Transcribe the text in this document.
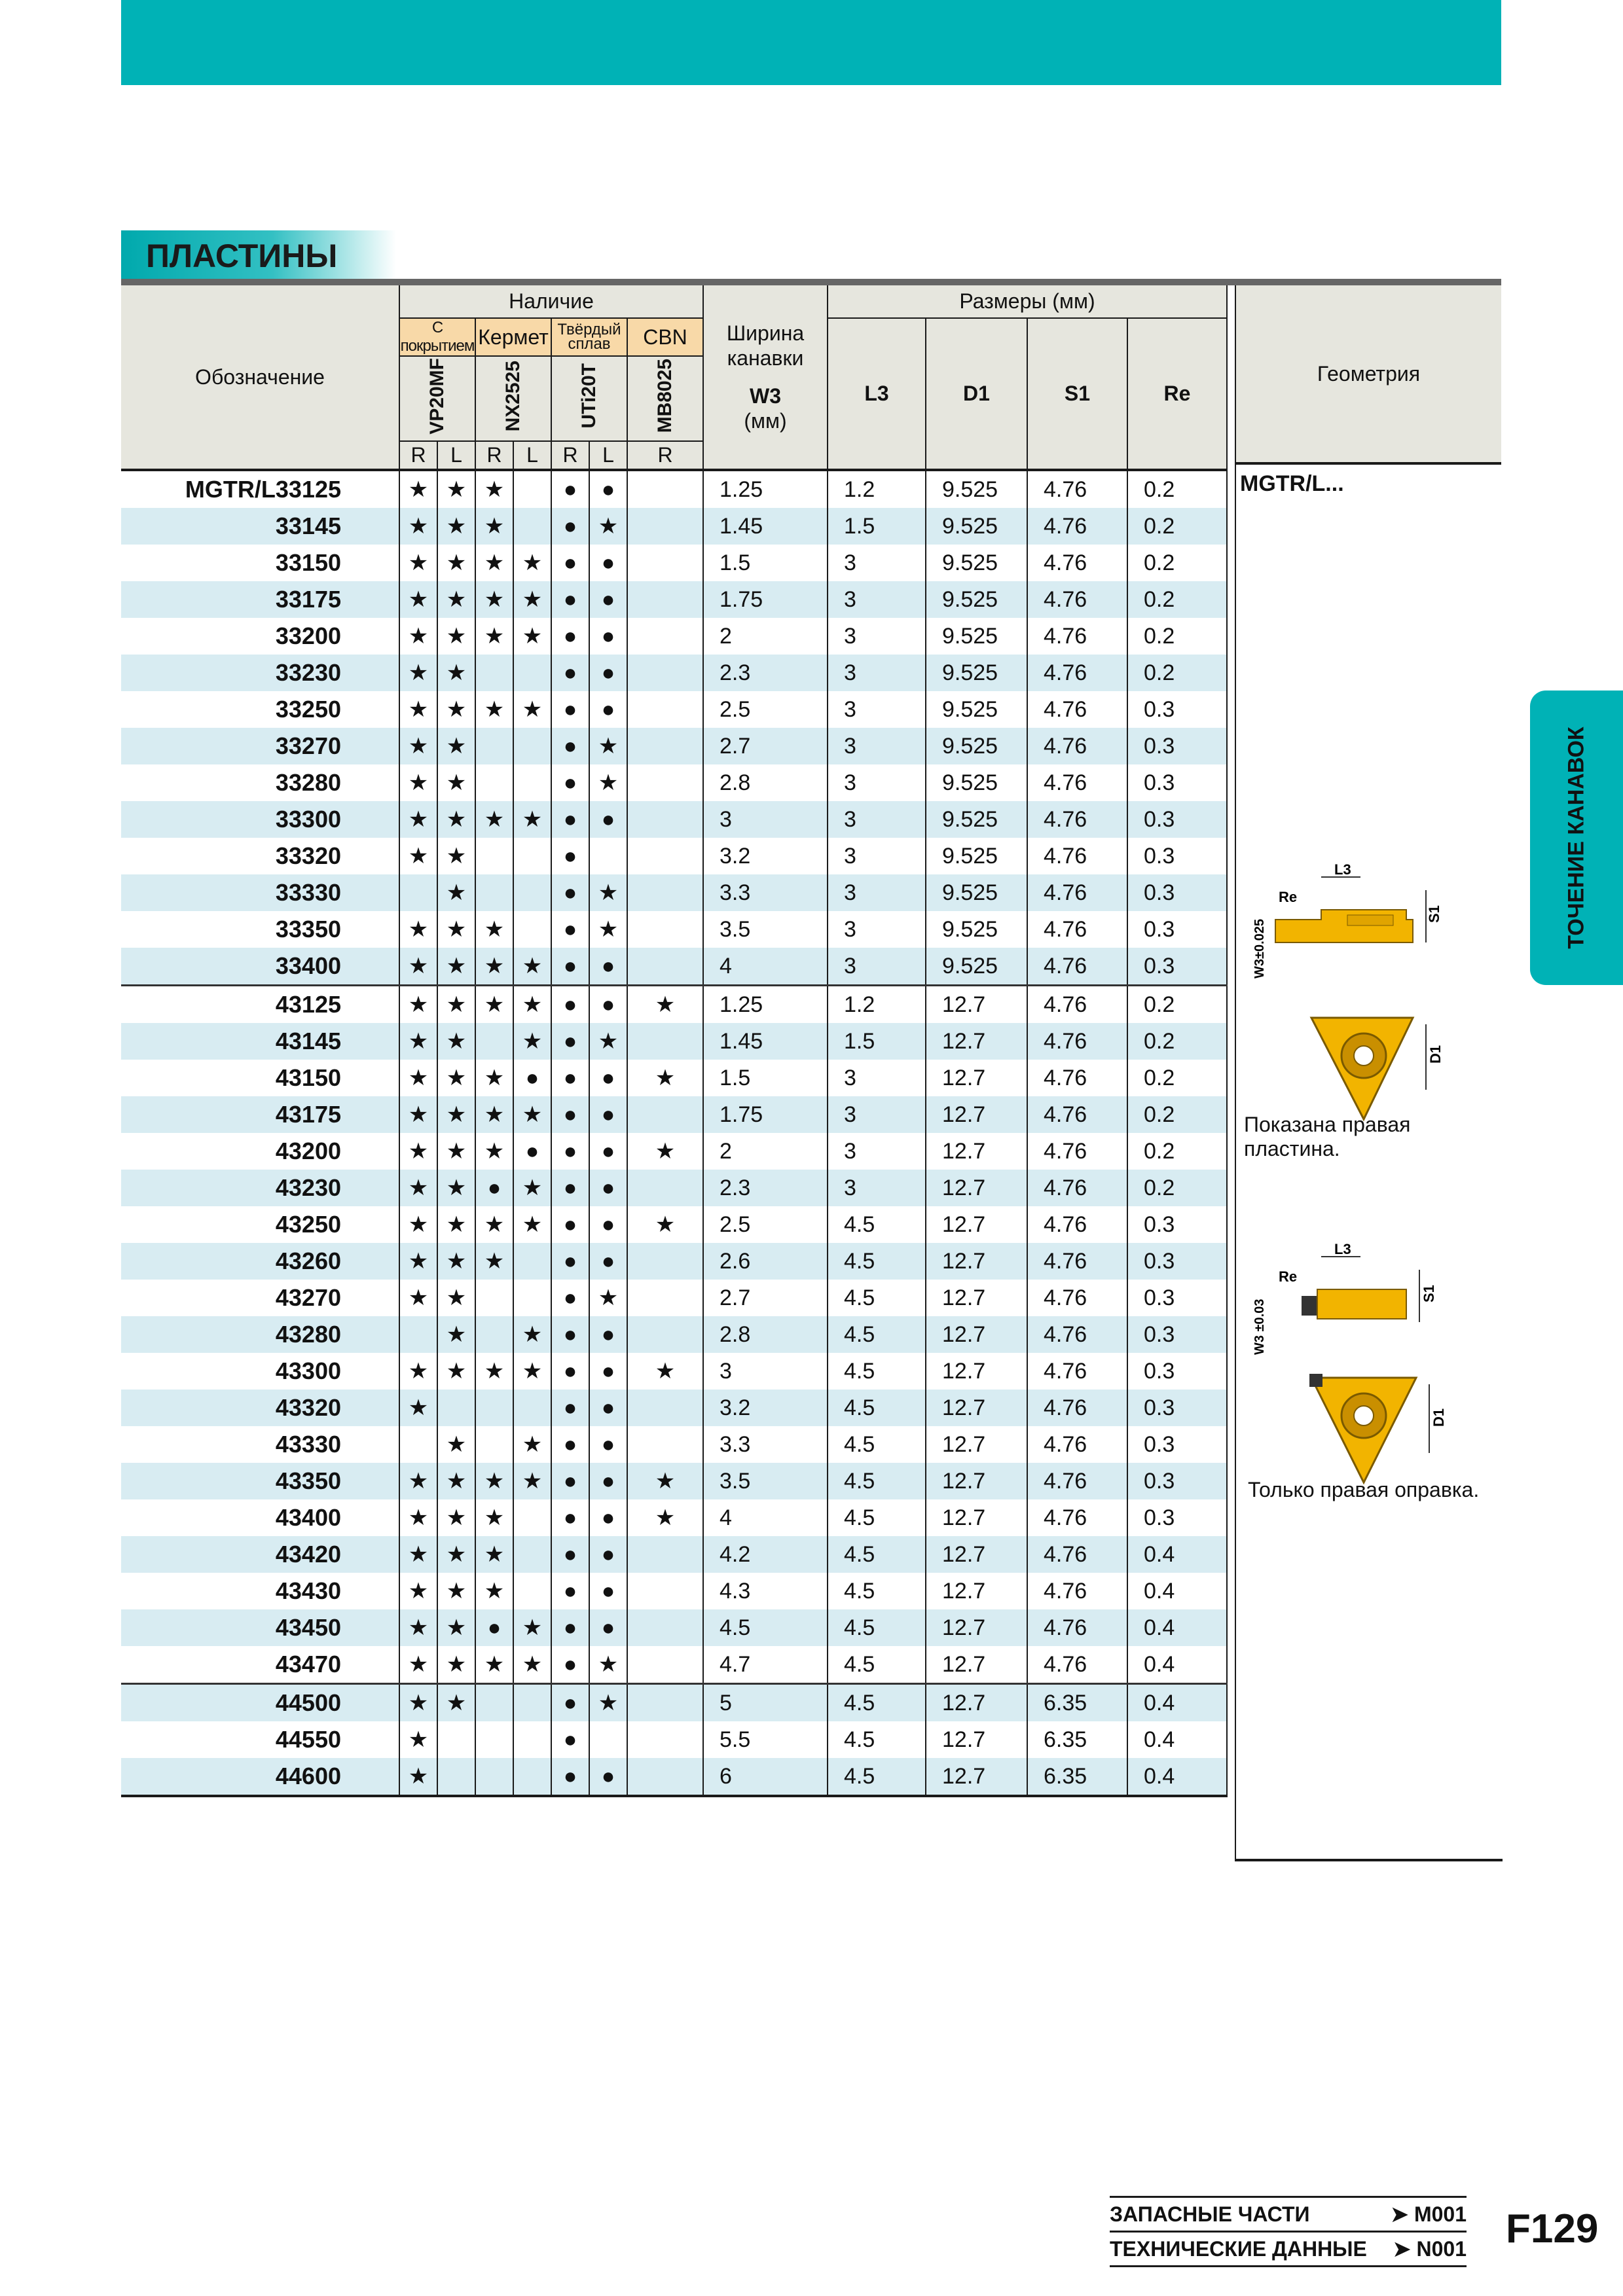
ПЛАСТИНЫ
Обозначение	Наличие							Ширина
канавки
W3
(мм)	Размеры (мм)			
	С покрытием		Кермет		Твёрдый
сплав		CBN		L3	D1	S1	Re
	VP20MF		NX2525		UTi20T		MB8025					
	R	L	R	L	R	L	R					
MGTR/L33125	★	★	★		●	●		1.25	1.2	9.525	4.76	0.2
33145	★	★	★		●	★		1.45	1.5	9.525	4.76	0.2
33150	★	★	★	★	●	●		1.5	3	9.525	4.76	0.2
33175	★	★	★	★	●	●		1.75	3	9.525	4.76	0.2
33200	★	★	★	★	●	●		2	3	9.525	4.76	0.2
33230	★	★			●	●		2.3	3	9.525	4.76	0.2
33250	★	★	★	★	●	●		2.5	3	9.525	4.76	0.3
33270	★	★			●	★		2.7	3	9.525	4.76	0.3
33280	★	★			●	★		2.8	3	9.525	4.76	0.3
33300	★	★	★	★	●	●		3	3	9.525	4.76	0.3
33320	★	★			●			3.2	3	9.525	4.76	0.3
33330		★			●	★		3.3	3	9.525	4.76	0.3
33350	★	★	★		●	★		3.5	3	9.525	4.76	0.3
33400	★	★	★	★	●	●		4	3	9.525	4.76	0.3
43125	★	★	★	★	●	●	★	1.25	1.2	12.7	4.76	0.2
43145	★	★		★	●	★		1.45	1.5	12.7	4.76	0.2
43150	★	★	★	●	●	●	★	1.5	3	12.7	4.76	0.2
43175	★	★	★	★	●	●		1.75	3	12.7	4.76	0.2
43200	★	★	★	●	●	●	★	2	3	12.7	4.76	0.2
43230	★	★	●	★	●	●		2.3	3	12.7	4.76	0.2
43250	★	★	★	★	●	●	★	2.5	4.5	12.7	4.76	0.3
43260	★	★	★		●	●		2.6	4.5	12.7	4.76	0.3
43270	★	★			●	★		2.7	4.5	12.7	4.76	0.3
43280		★		★	●	●		2.8	4.5	12.7	4.76	0.3
43300	★	★	★	★	●	●	★	3	4.5	12.7	4.76	0.3
43320	★				●	●		3.2	4.5	12.7	4.76	0.3
43330		★		★	●	●		3.3	4.5	12.7	4.76	0.3
43350	★	★	★	★	●	●	★	3.5	4.5	12.7	4.76	0.3
43400	★	★	★		●	●	★	4	4.5	12.7	4.76	0.3
43420	★	★	★		●	●		4.2	4.5	12.7	4.76	0.4
43430	★	★	★		●	●		4.3	4.5	12.7	4.76	0.4
43450	★	★	●	★	●	●		4.5	4.5	12.7	4.76	0.4
43470	★	★	★	★	●	★		4.7	4.5	12.7	4.76	0.4
44500	★	★			●	★		5	4.5	12.7	6.35	0.4
44550	★				●			5.5	4.5	12.7	6.35	0.4
44600	★				●	●		6	4.5	12.7	6.35	0.4
Геометрия
MGTR/L...
L3
Re
S1
W3±0.025
D1
Показана правая пластина.
L3
Re
S1
W3 ±0.03
D1
Только правая оправка.
ТОЧЕНИЕ КАНАВОК
ЗАПАСНЫЕ ЧАСТИ	➤ M001
ТЕХНИЧЕСКИЕ ДАННЫЕ ➤ N001 F129
